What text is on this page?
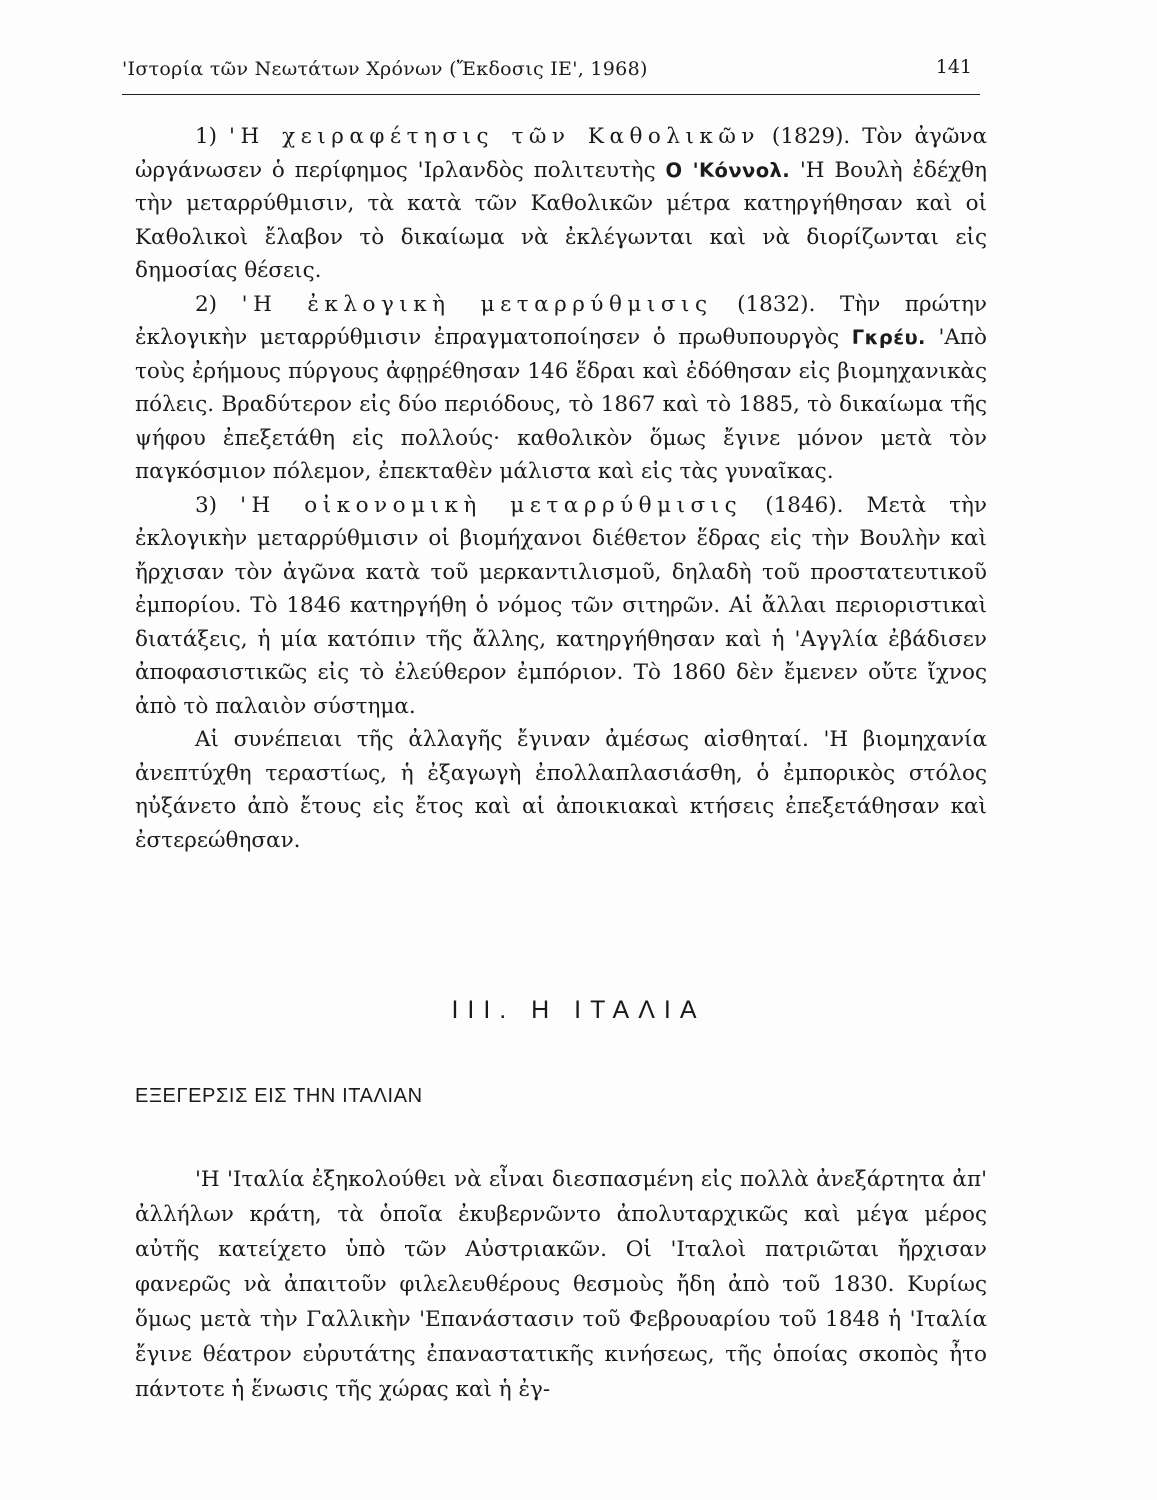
'Ιστορία τῶν Νεωτάτων Χρόνων (Ἔκδοσις ΙΕ', 1968)	141

1) 'Η χειραφέτησις τῶν Καθολικῶν (1829). Τὸν ἀγῶνα ὠργάνωσεν ὁ περίφημος 'Ιρλανδὸς πολιτευτὴς Ο 'Κόννολ. 'Η Βουλὴ ἐδέχθη τὴν μεταρρύθμισιν, τὰ κατὰ τῶν Καθολικῶν μέτρα κατηργήθησαν καὶ οἱ Καθολικοὶ ἔλαβον τὸ δικαίωμα νὰ ἐκλέγωνται καὶ νὰ διορίζωνται εἰς δημοσίας θέσεις.

2) 'Η ἐκλογικὴ μεταρρύθμισις (1832). Τὴν πρώτην ἐκλογικὴν μεταρρύθμισιν ἐπραγματοποίησεν ὁ πρωθυπουργὸς Γκρέυ. 'Απὸ τοὺς ἐρήμους πύργους ἀφῃρέθησαν 146 ἕδραι καὶ ἐδόθησαν εἰς βιομηχανικὰς πόλεις. Βραδύτερον εἰς δύο περιόδους, τὸ 1867 καὶ τὸ 1885, τὸ δικαίωμα τῆς ψήφου ἐπεξετάθη εἰς πολλούς· καθολικὸν ὅμως ἔγινε μόνον μετὰ τὸν παγκόσμιον πόλεμον, ἐπεκταθὲν μάλιστα καὶ εἰς τὰς γυναῖκας.

3) 'Η οἰκονομικὴ μεταρρύθμισις (1846). Μετὰ τὴν ἐκλογικὴν μεταρρύθμισιν οἱ βιομήχανοι διέθετον ἕδρας εἰς τὴν Βουλὴν καὶ ἤρχισαν τὸν ἀγῶνα κατὰ τοῦ μερκαντιλισμοῦ, δηλαδὴ τοῦ προστατευτικοῦ ἐμπορίου. Τὸ 1846 κατηργήθη ὁ νόμος τῶν σιτηρῶν. Αἱ ἄλλαι περιοριστικαὶ διατάξεις, ἡ μία κατόπιν τῆς ἄλλης, κατηργήθησαν καὶ ἡ 'Αγγλία ἐβάδισεν ἀποφασιστικῶς εἰς τὸ ἐλεύθερον ἐμπόριον. Τὸ 1860 δὲν ἔμενεν οὔτε ἴχνος ἀπὸ τὸ παλαιὸν σύστημα.

Αἱ συνέπειαι τῆς ἀλλαγῆς ἔγιναν ἀμέσως αἰσθηταί. 'Η βιομηχανία ἀνεπτύχθη τεραστίως, ἡ ἐξαγωγὴ ἐπολλαπλασιάσθη, ὁ ἐμπορικὸς στόλος ηὐξάνετο ἀπὸ ἔτους εἰς ἔτος καὶ αἱ ἀποικιακαὶ κτήσεις ἐπεξετάθησαν καὶ ἐστερεώθησαν.

ΙΙΙ. Η ΙΤΑΛΙΑ
ΕΞΕΓΕΡΣΙΣ ΕΙΣ ΤΗΝ ΙΤΑΛΙΑΝ

'Η 'Ιταλία ἐξηκολούθει νὰ εἶναι διεσπασμένη εἰς πολλὰ ἀνεξάρτητα ἀπ' ἀλλήλων κράτη, τὰ ὁποῖα ἐκυβερνῶντο ἀπολυταρχικῶς καὶ μέγα μέρος αὐτῆς κατείχετο ὑπὸ τῶν Αὐστριακῶν. Οἱ 'Ιταλοὶ πατριῶται ἤρχισαν φανερῶς νὰ ἀπαιτοῦν φιλελευθέρους θεσμοὺς ἤδη ἀπὸ τοῦ 1830. Κυρίως ὅμως μετὰ τὴν Γαλλικὴν 'Επανάστασιν τοῦ Φεβρουαρίου τοῦ 1848 ἡ 'Ιταλία ἔγινε θέατρον εὐρυτάτης ἐπαναστατικῆς κινήσεως, τῆς ὁποίας σκοπὸς ἦτο πάντοτε ἡ ἕνωσις τῆς χώρας καὶ ἡ ἐγ-
